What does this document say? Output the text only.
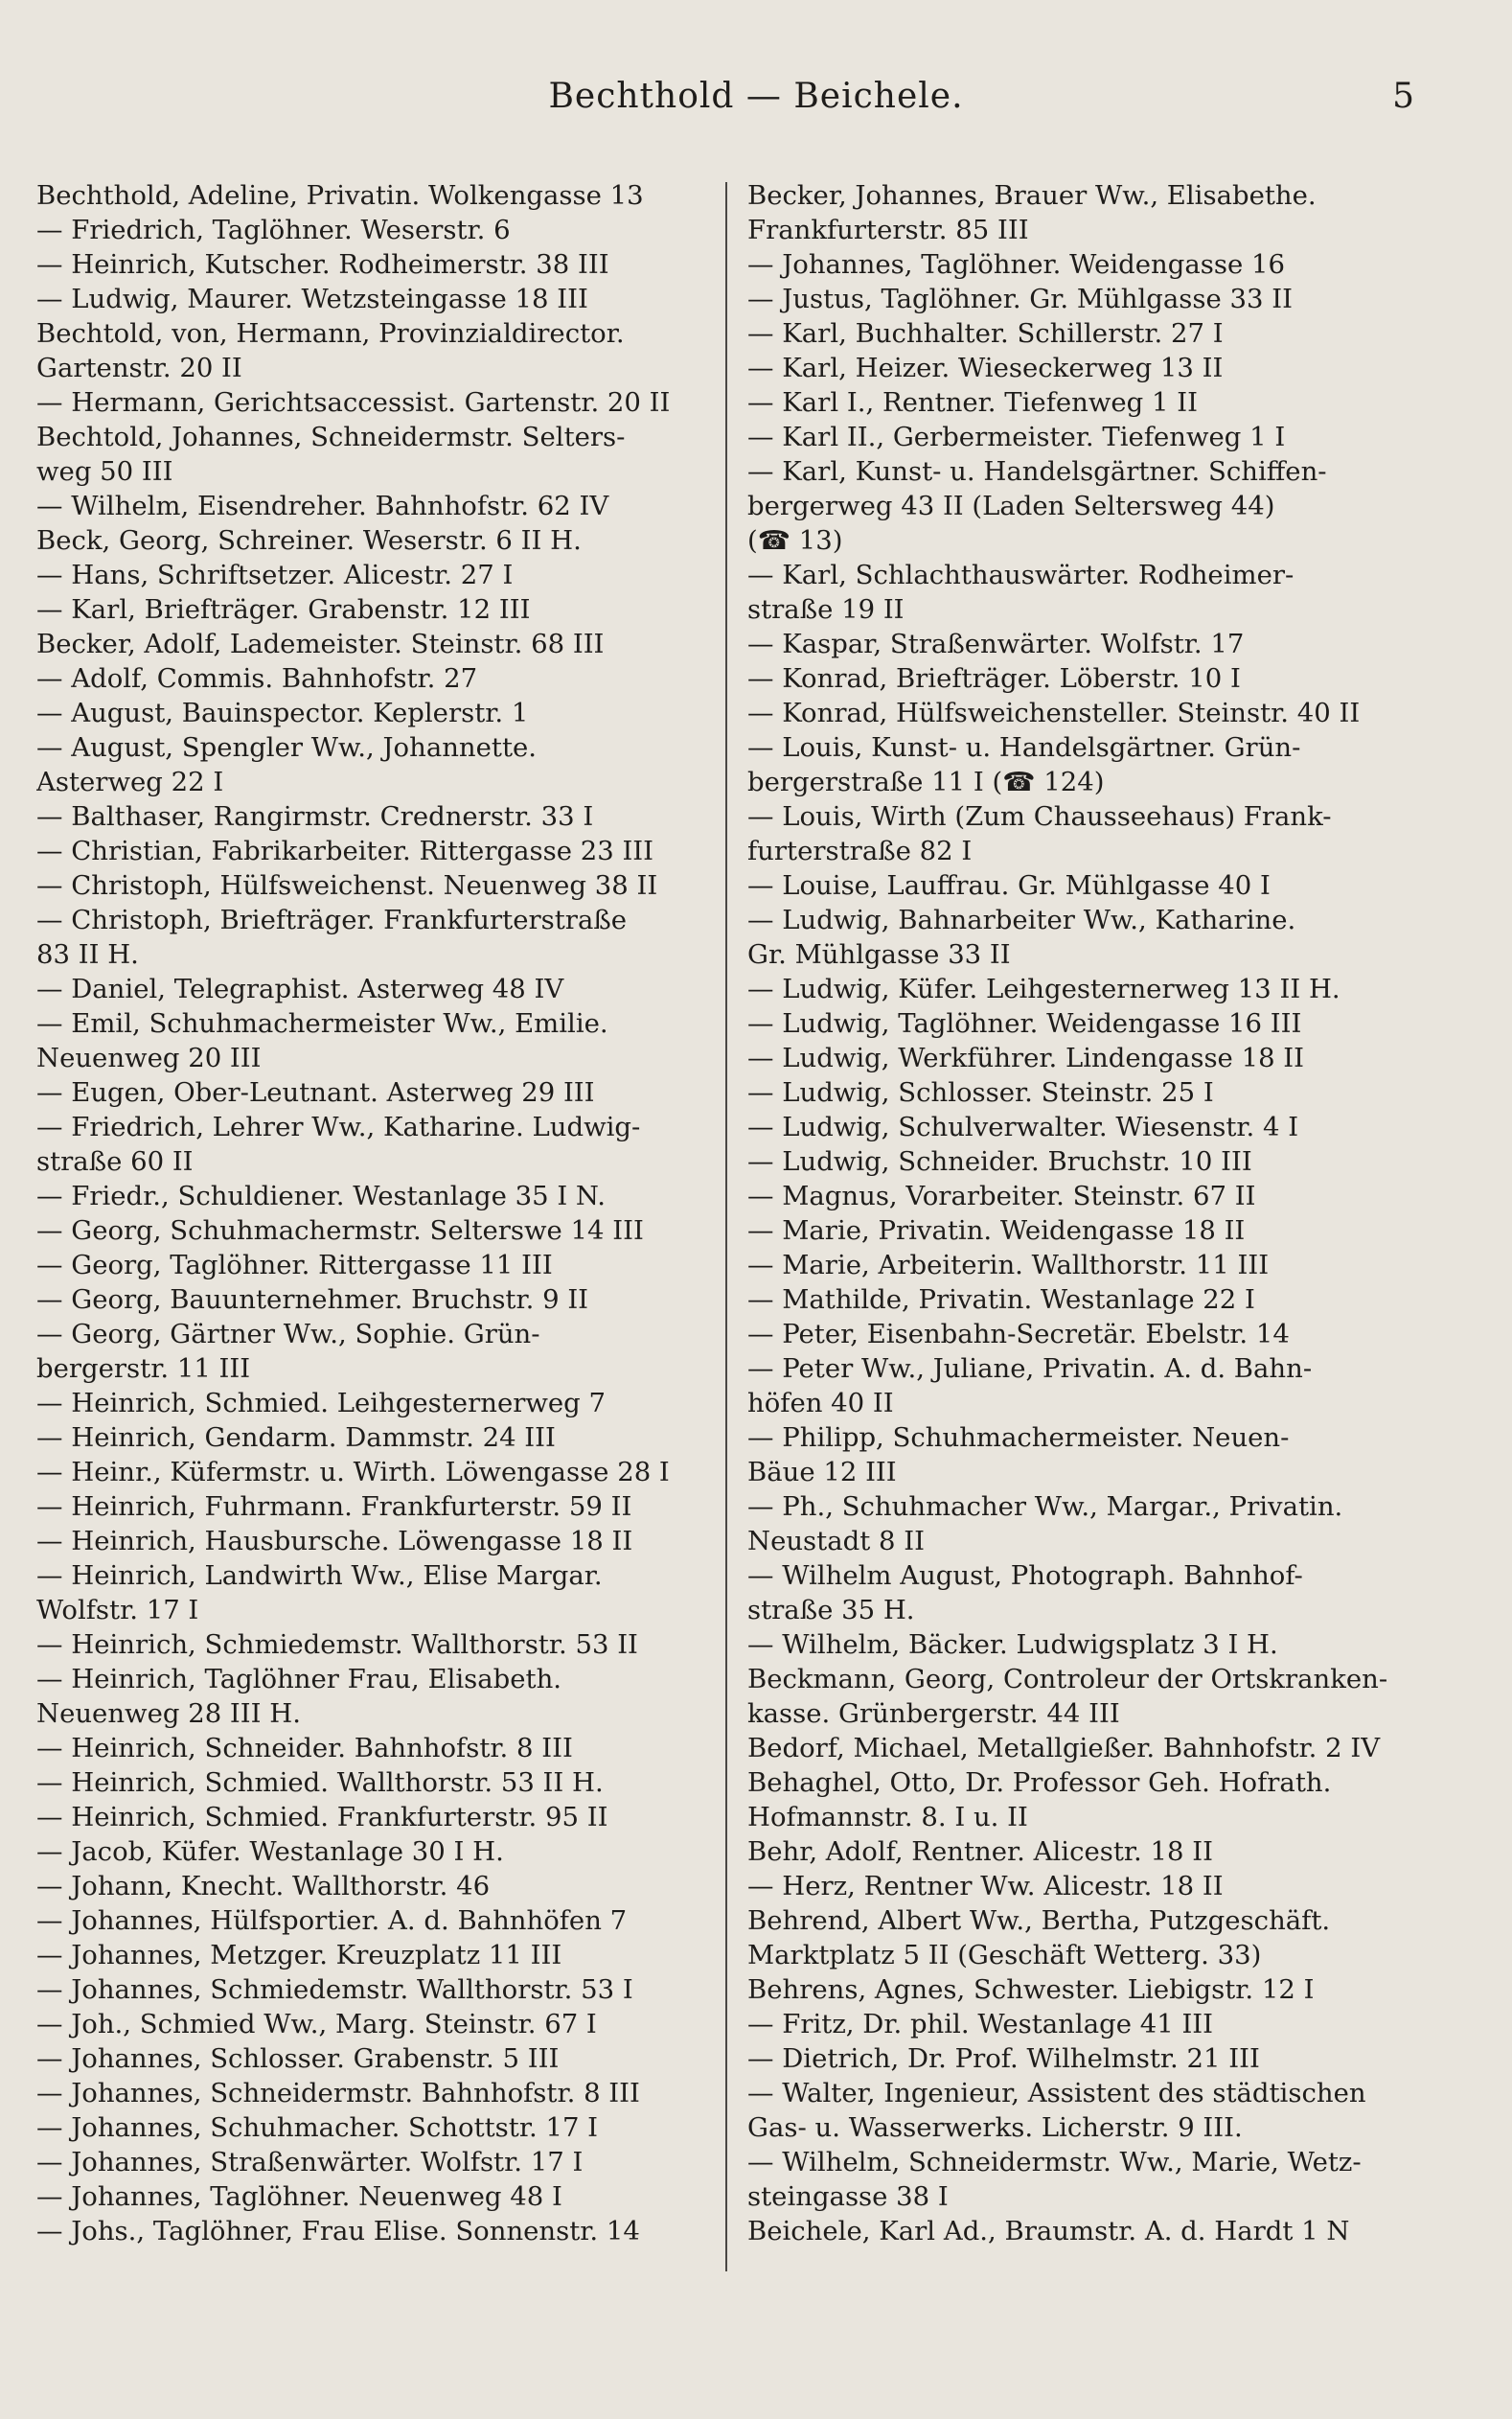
Bechthold — Beichele.	5
Bechthold, Adeline, Privatin. Wolkengasse 13
— Friedrich, Taglöhner. Weserstr. 6
— Heinrich, Kutscher. Rodheimerstr. 38 III
— Ludwig, Maurer. Wetzsteingasse 18 III
Bechtold, von, Hermann, Provinzialdirector.
Gartenstr. 20 II
— Hermann, Gerichtsaccessist. Gartenstr. 20 II
Bechtold, Johannes, Schneidermstr. Selters-
weg 50 III
— Wilhelm, Eisendreher. Bahnhofstr. 62 IV
Beck, Georg, Schreiner. Weserstr. 6 II H.
— Hans, Schriftsetzer. Alicestr. 27 I
— Karl, Briefträger. Grabenstr. 12 III
Becker, Adolf, Lademeister. Steinstr. 68 III
— Adolf, Commis. Bahnhofstr. 27
— August, Bauinspector. Keplerstr. 1
— August, Spengler Ww., Johannette.
Asterweg 22 I
— Balthaser, Rangirmstr. Crednerstr. 33 I
— Christian, Fabrikarbeiter. Rittergasse 23 III
— Christoph, Hülfsweichenst. Neuenweg 38 II
— Christoph, Briefträger. Frankfurterstraße
83 II H.
— Daniel, Telegraphist. Asterweg 48 IV
— Emil, Schuhmachermeister Ww., Emilie.
Neuenweg 20 III
— Eugen, Ober-Leutnant. Asterweg 29 III
— Friedrich, Lehrer Ww., Katharine. Ludwig-
straße 60 II
— Friedr., Schuldiener. Westanlage 35 I N.
— Georg, Schuhmachermstr. Selterswe 14 III
— Georg, Taglöhner. Rittergasse 11 III
— Georg, Bauunternehmer. Bruchstr. 9 II
— Georg, Gärtner Ww., Sophie. Grün-
bergerstr. 11 III
— Heinrich, Schmied. Leihgesternerweg 7
— Heinrich, Gendarm. Dammstr. 24 III
— Heinr., Küfermstr. u. Wirth. Löwengasse 28 I
— Heinrich, Fuhrmann. Frankfurterstr. 59 II
— Heinrich, Hausbursche. Löwengasse 18 II
— Heinrich, Landwirth Ww., Elise Margar.
Wolfstr. 17 I
— Heinrich, Schmiedemstr. Wallthorstr. 53 II
— Heinrich, Taglöhner Frau, Elisabeth.
Neuenweg 28 III H.
— Heinrich, Schneider. Bahnhofstr. 8 III
— Heinrich, Schmied. Wallthorstr. 53 II H.
— Heinrich, Schmied. Frankfurterstr. 95 II
— Jacob, Küfer. Westanlage 30 I H.
— Johann, Knecht. Wallthorstr. 46
— Johannes, Hülfsportier. A. d. Bahnhöfen 7
— Johannes, Metzger. Kreuzplatz 11 III
— Johannes, Schmiedemstr. Wallthorstr. 53 I
— Joh., Schmied Ww., Marg. Steinstr. 67 I
— Johannes, Schlosser. Grabenstr. 5 III
— Johannes, Schneidermstr. Bahnhofstr. 8 III
— Johannes, Schuhmacher. Schottstr. 17 I
— Johannes, Straßenwärter. Wolfstr. 17 I
— Johannes, Taglöhner. Neuenweg 48 I
— Johs., Taglöhner, Frau Elise. Sonnenstr. 14
Becker, Johannes, Brauer Ww., Elisabethe.
Frankfurterstr. 85 III
— Johannes, Taglöhner. Weidengasse 16
— Justus, Taglöhner. Gr. Mühlgasse 33 II
— Karl, Buchhalter. Schillerstr. 27 I
— Karl, Heizer. Wieseckerweg 13 II
— Karl I., Rentner. Tiefenweg 1 II
— Karl II., Gerbermeister. Tiefenweg 1 I
— Karl, Kunst- u. Handelsgärtner. Schiffen-
bergerweg 43 II (Laden Seltersweg 44)
(☎ 13)
— Karl, Schlachthauswärter. Rodheimer-
straße 19 II
— Kaspar, Straßenwärter. Wolfstr. 17
— Konrad, Briefträger. Löberstr. 10 I
— Konrad, Hülfsweichensteller. Steinstr. 40 II
— Louis, Kunst- u. Handelsgärtner. Grün-
bergerstraße 11 I (☎ 124)
— Louis, Wirth (Zum Chausseehaus) Frank-
furterstraße 82 I
— Louise, Lauffrau. Gr. Mühlgasse 40 I
— Ludwig, Bahnarbeiter Ww., Katharine.
Gr. Mühlgasse 33 II
— Ludwig, Küfer. Leihgesternerweg 13 II H.
— Ludwig, Taglöhner. Weidengasse 16 III
— Ludwig, Werkführer. Lindengasse 18 II
— Ludwig, Schlosser. Steinstr. 25 I
— Ludwig, Schulverwalter. Wiesenstr. 4 I
— Ludwig, Schneider. Bruchstr. 10 III
— Magnus, Vorarbeiter. Steinstr. 67 II
— Marie, Privatin. Weidengasse 18 II
— Marie, Arbeiterin. Wallthorstr. 11 III
— Mathilde, Privatin. Westanlage 22 I
— Peter, Eisenbahn-Secretär. Ebelstr. 14
— Peter Ww., Juliane, Privatin. A. d. Bahn-
höfen 40 II
— Philipp, Schuhmachermeister. Neuen-
Bäue 12 III
— Ph., Schuhmacher Ww., Margar., Privatin.
Neustadt 8 II
— Wilhelm August, Photograph. Bahnhof-
straße 35 H.
— Wilhelm, Bäcker. Ludwigsplatz 3 I H.
Beckmann, Georg, Controleur der Ortskranken-
kasse. Grünbergerstr. 44 III
Bedorf, Michael, Metallgießer. Bahnhofstr. 2 IV
Behaghel, Otto, Dr. Professor Geh. Hofrath.
Hofmannstr. 8. I u. II
Behr, Adolf, Rentner. Alicestr. 18 II
— Herz, Rentner Ww. Alicestr. 18 II
Behrend, Albert Ww., Bertha, Putzgeschäft.
Marktplatz 5 II (Geschäft Wetterg. 33)
Behrens, Agnes, Schwester. Liebigstr. 12 I
— Fritz, Dr. phil. Westanlage 41 III
— Dietrich, Dr. Prof. Wilhelmstr. 21 III
— Walter, Ingenieur, Assistent des städtischen
Gas- u. Wasserwerks. Licherstr. 9 III.
— Wilhelm, Schneidermstr. Ww., Marie, Wetz-
steingasse 38 I
Beichele, Karl Ad., Braumstr. A. d. Hardt 1 N
